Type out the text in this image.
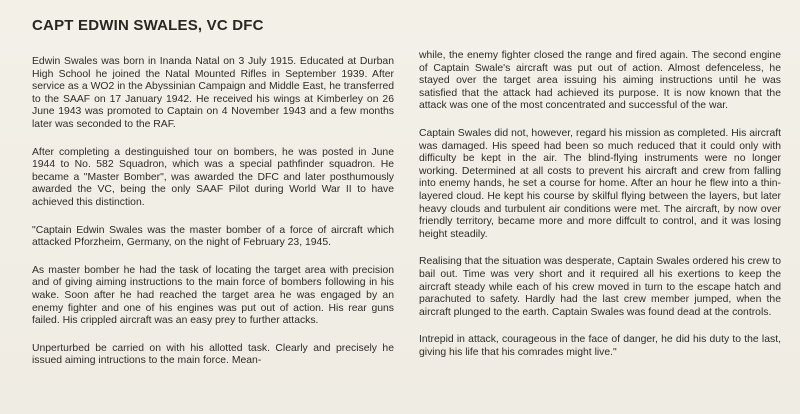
CAPT EDWIN SWALES, VC DFC

Edwin Swales was born in Inanda Natal on 3 July 1915. Educated at Durban High School he joined the Natal Mounted Rifles in September 1939. After service as a WO2 in the Abyssinian Campaign and Middle East, he transferred to the SAAF on 17 January 1942. He received his wings at Kimberley on 26 June 1943 was promoted to Captain on 4 November 1943 and a few months later was seconded to the RAF.

After completing a destinguished tour on bombers, he was posted in June 1944 to No. 582 Squadron, which was a special pathfinder squadron. He became a "Master Bomber", was awarded the DFC and later posthumously awarded the VC, being the only SAAF Pilot during World War II to have achieved this distinction.

"Captain Edwin Swales was the master bomber of a force of aircraft which attacked Pforzheim, Germany, on the night of February 23, 1945.

As master bomber he had the task of locating the target area with precision and of giving aiming instructions to the main force of bombers following in his wake. Soon after he had reached the target area he was engaged by an enemy fighter and one of his engines was put out of action. His rear guns failed. His crippled aircraft was an easy prey to further attacks.

Unperturbed be carried on with his allotted task. Clearly and precisely he issued aiming intructions to the main force. Mean-

while, the enemy fighter closed the range and fired again. The second engine of Captain Swale's aircraft was put out of action. Almost defenceless, he stayed over the target area issuing his aiming instructions until he was satisfied that the attack had achieved its purpose. It is now known that the attack was one of the most concentrated and successful of the war.

Captain Swales did not, however, regard his mission as completed. His aircraft was damaged. His speed had been so much reduced that it could only with difficulty be kept in the air. The blind-flying instruments were no longer working. Determined at all costs to prevent his aircraft and crew from falling into enemy hands, he set a course for home. After an hour he flew into a thin-layered cloud. He kept his course by skilful flying between the layers, but later heavy clouds and turbulent air conditions were met. The aircraft, by now over friendly territory, became more and more diffcult to control, and it was losing height steadily.

Realising that the situation was desperate, Captain Swales ordered his crew to bail out. Time was very short and it required all his exertions to keep the aircraft steady while each of his crew moved in turn to the escape hatch and parachuted to safety. Hardly had the last crew member jumped, when the aircraft plunged to the earth. Captain Swales was found dead at the controls.

Intrepid in attack, courageous in the face of danger, he did his duty to the last, giving his life that his comrades might live."
